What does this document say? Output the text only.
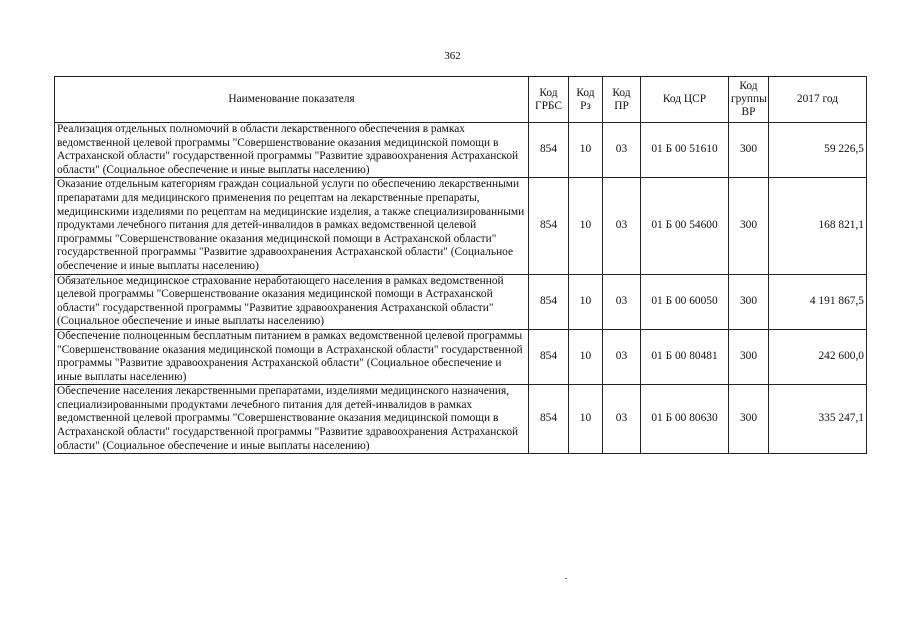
362
Наименование показателя	Код ГРБС	Код Рз	Код ПР	Код ЦСР	Код группы ВР	2017 год
Реализация отдельных полномочий в области лекарственного обеспечения в рамках ведомственной целевой программы "Совершенствование оказания медицинской помощи в Астраханской области" государственной программы "Развитие здравоохранения Астраханской области" (Социальное обеспечение и иные выплаты населению)	854	10	03	01 Б 00 51610	300	59 226,5
Оказание отдельным категориям граждан социальной услуги по обеспечению лекарственными препаратами для медицинского применения по рецептам на лекарственные препараты, медицинскими изделиями по рецептам на медицинские изделия, а также специализированными продуктами лечебного питания для детей-инвалидов в рамках ведомственной целевой программы "Совершенствование оказания медицинской помощи в Астраханской области" государственной программы "Развитие здравоохранения Астраханской области" (Социальное обеспечение и иные выплаты населению)	854	10	03	01 Б 00 54600	300	168 821,1
Обязательное медицинское страхование неработающего населения в рамках ведомственной целевой программы "Совершенствование оказания медицинской помощи в Астраханской области" государственной программы "Развитие здравоохранения Астраханской области" (Социальное обеспечение и иные выплаты населению)	854	10	03	01 Б 00 60050	300	4 191 867,5
Обеспечение полноценным бесплатным питанием в рамках ведомственной целевой программы "Совершенствование оказания медицинской помощи в Астраханской области" государственной программы "Развитие здравоохранения Астраханской области" (Социальное обеспечение и иные выплаты населению)	854	10	03	01 Б 00 80481	300	242 600,0
Обеспечение населения лекарственными препаратами, изделиями медицинского назначения, специализированными продуктами лечебного питания для детей-инвалидов в рамках ведомственной целевой программы "Совершенствование оказания медицинской помощи в Астраханской области" государственной программы "Развитие здравоохранения Астраханской области" (Социальное обеспечение и иные выплаты населению)	854	10	03	01 Б 00 80630	300	335 247,1
